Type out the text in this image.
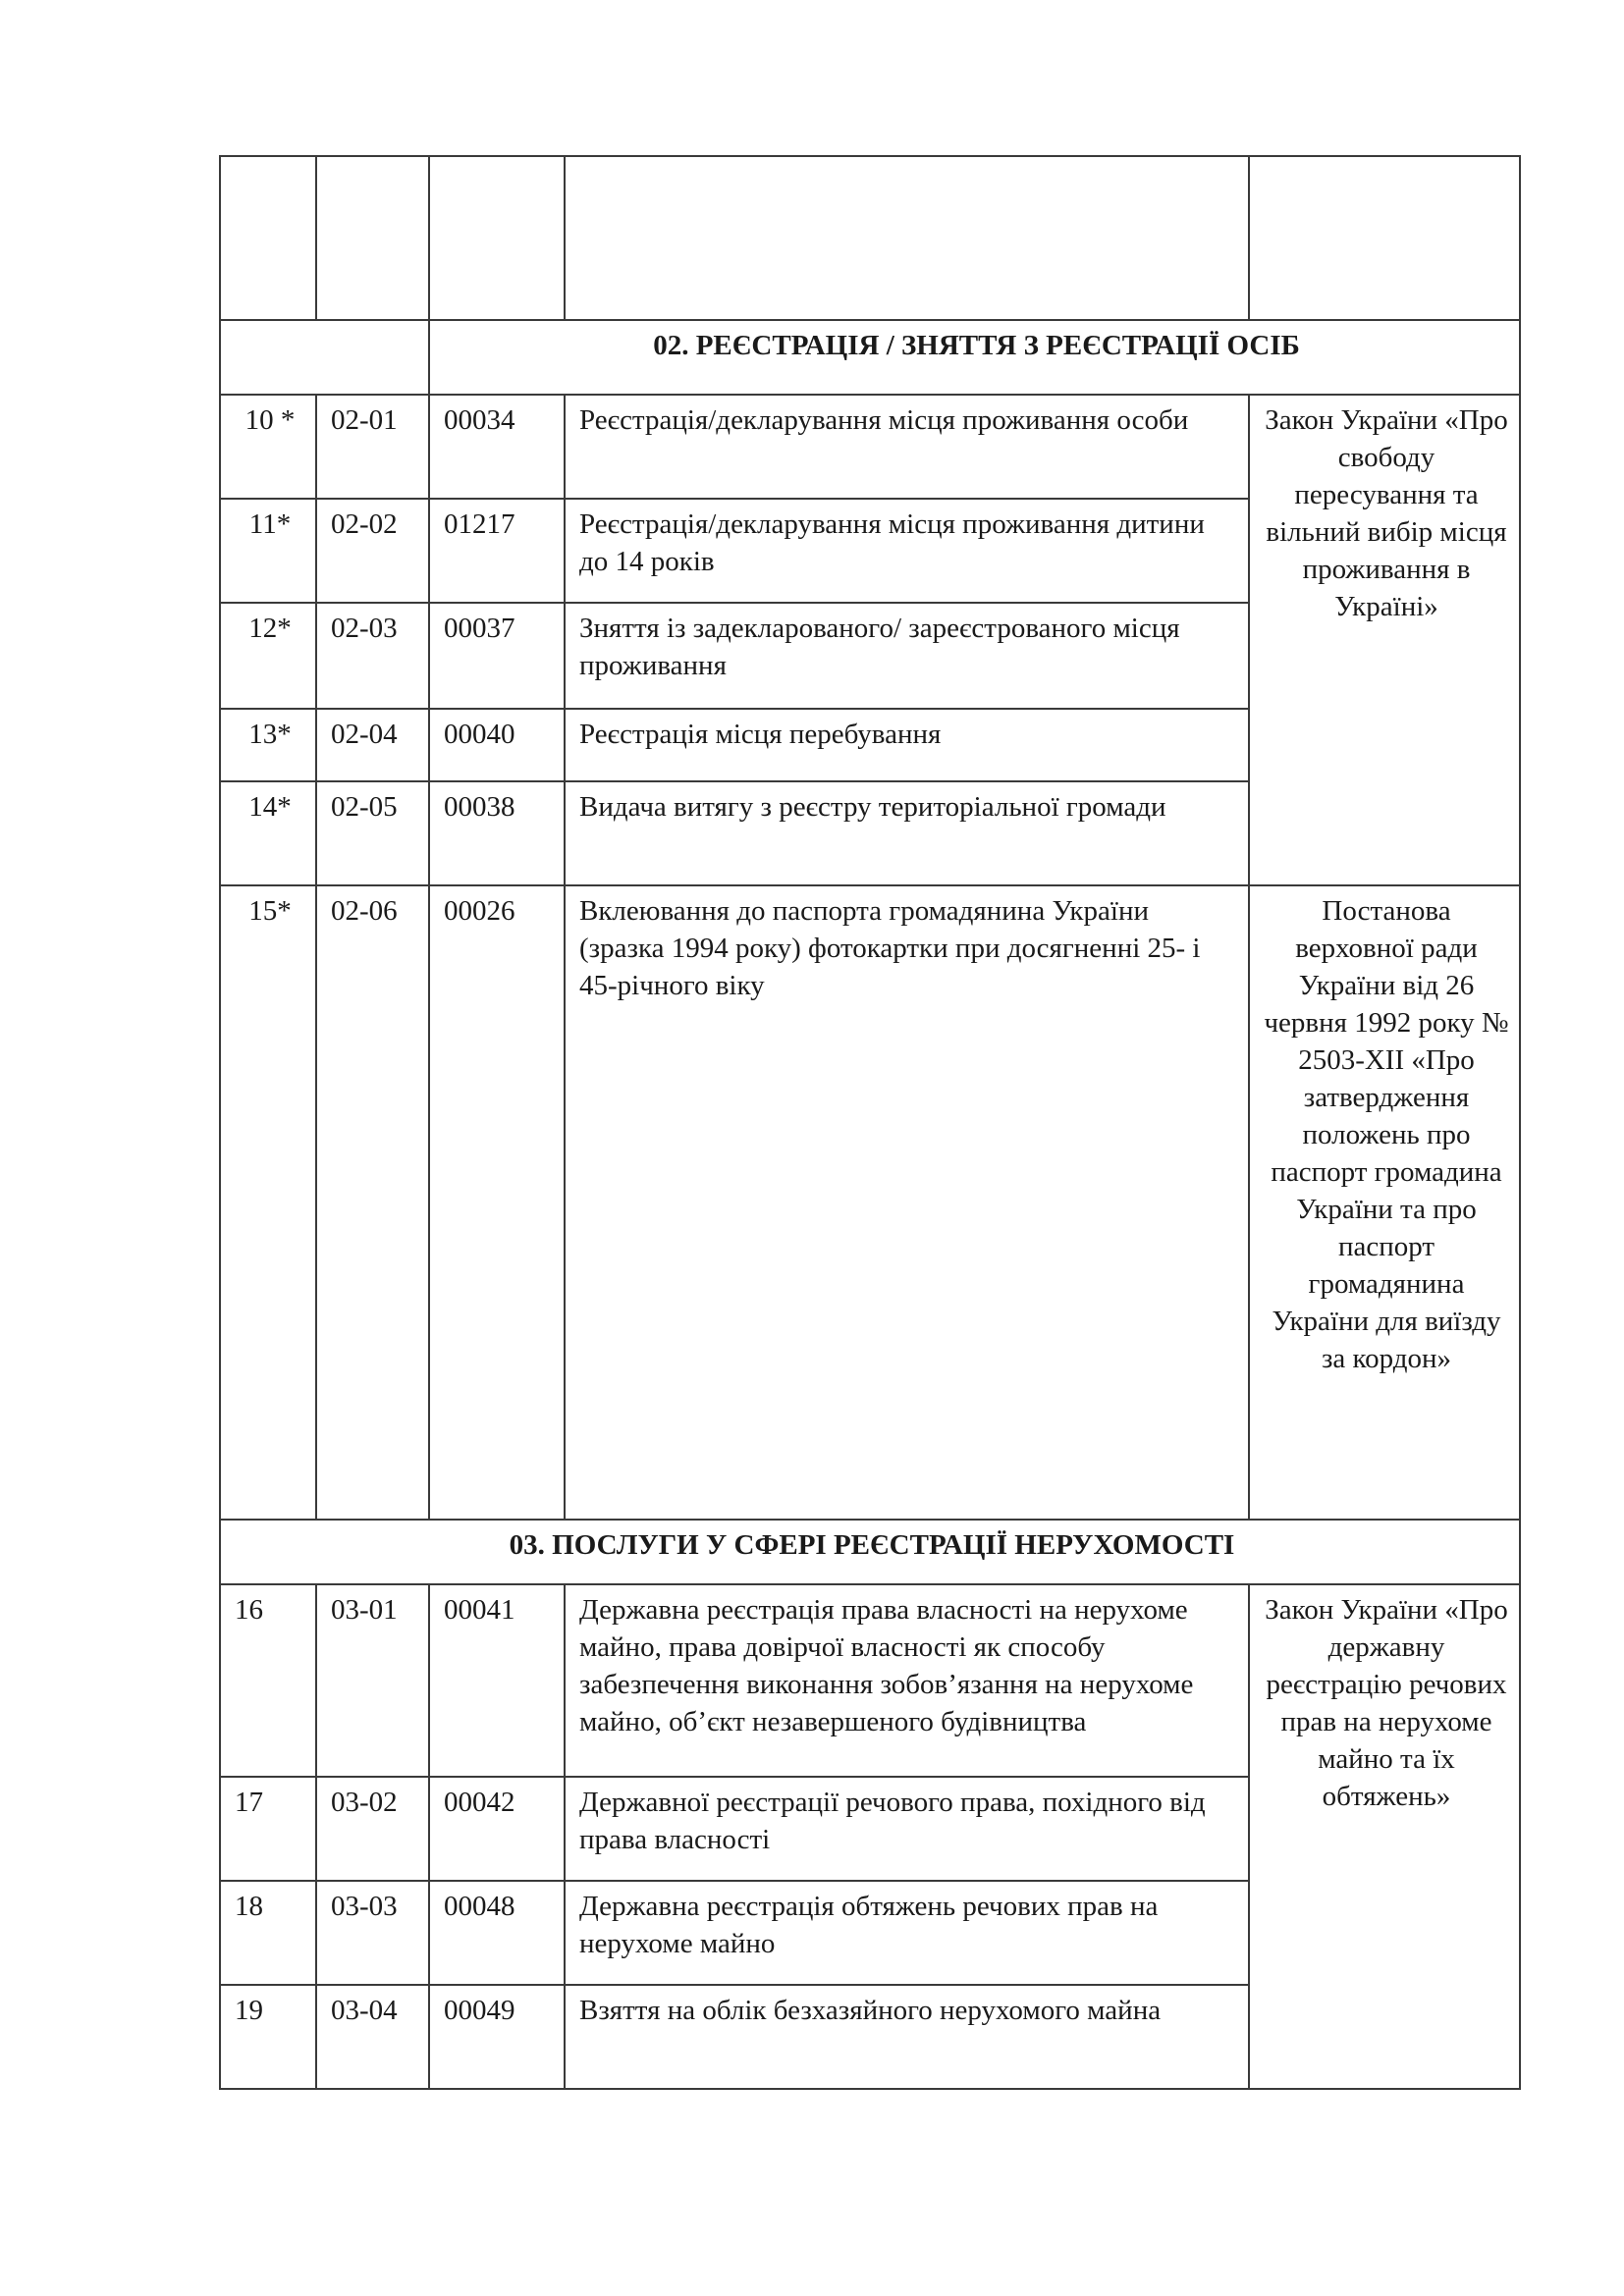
		02. РЕЄСТРАЦІЯ / ЗНЯТТЯ З РЕЄСТРАЦІЇ ОСІБ		
10 *	02-01	00034	Реєстрація/декларування місця проживання особи	Закон України «Про свободу пересування та вільний вибір місця проживання в Україні»
11*	02-02	01217	Реєстрація/декларування місця проживання дитини до 14 років	
12*	02-03	00037	Зняття із задекларованого/ зареєстрованого місця проживання	
13*	02-04	00040	Реєстрація місця перебування	
14*	02-05	00038	Видача витягу з реєстру територіальної громади	
15*	02-06	00026	Вклеювання до паспорта громадянина України (зразка 1994 року) фотокартки при досягненні 25- і 45-річного віку	Постанова верховної ради України від 26 червня 1992 року № 2503-XII «Про затвердження положень про паспорт громадина України та про паспорт громадянина України для виїзду за кордон»
03. ПОСЛУГИ У СФЕРІ РЕЄСТРАЦІЇ НЕРУХОМОСТІ				
16	03-01	00041	Державна реєстрація права власності на нерухоме майно, права довірчої власності як способу забезпечення виконання зобов’язання на нерухоме майно, об’єкт незавершеного будівництва	Закон України «Про державну реєстрацію речових прав на нерухоме майно та їх обтяжень»
17	03-02	00042	Державної реєстрації речового права, похідного від права власності	
18	03-03	00048	Державна реєстрація обтяжень речових прав на нерухоме майно	
19	03-04	00049	Взяття на облік безхазяйного нерухомого майна	
